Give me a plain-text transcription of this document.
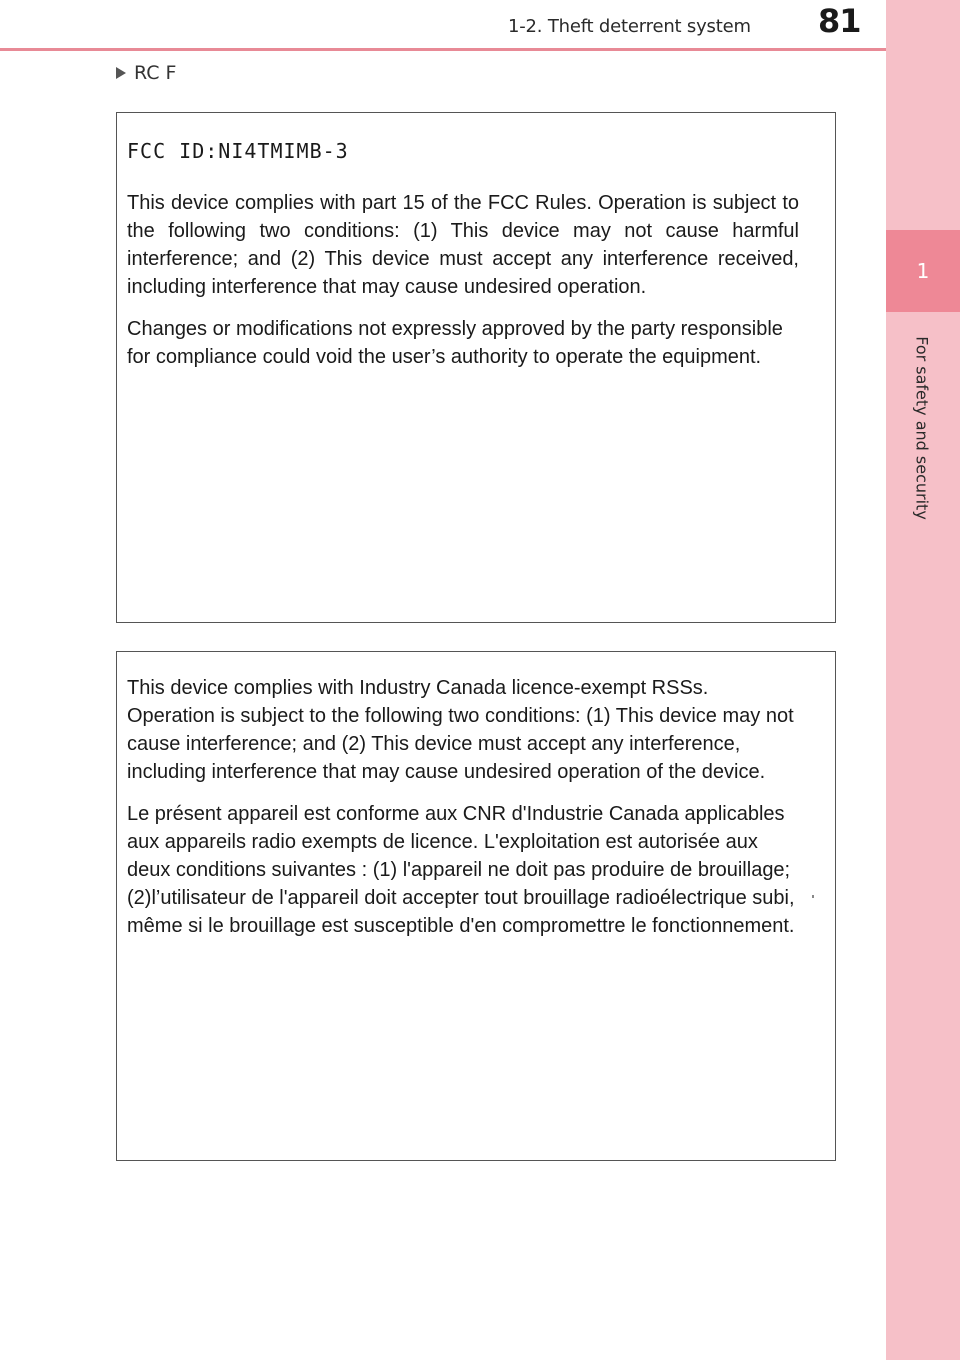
1-2. Theft deterrent system 81
1
For safety and security
RC F

FCC ID:NI4TMIMB-3

This device complies with part 15 of the FCC Rules. Operation is subject to the following two conditions: (1) This device may not cause harmful interference; and (2) This device must accept any interference received, including interference that may cause undesired operation.

Changes or modifications not expressly approved by the party responsible for compliance could void the user’s authority to operate the equipment.

This device complies with Industry Canada licence-exempt RSSs. Operation is subject to the following two conditions: (1) This device may not cause interference; and (2) This device must accept any interference, including interference that may cause undesired operation of the device.

Le présent appareil est conforme aux CNR d'Industrie Canada applicables aux appareils radio exempts de licence. L'exploitation est autorisée aux deux conditions suivantes : (1) l'appareil ne doit pas produire de brouillage; (2)l’utilisateur de l'appareil doit accepter tout brouillage radioélectrique subi, même si le brouillage est susceptible d'en compromettre le fonctionnement.
